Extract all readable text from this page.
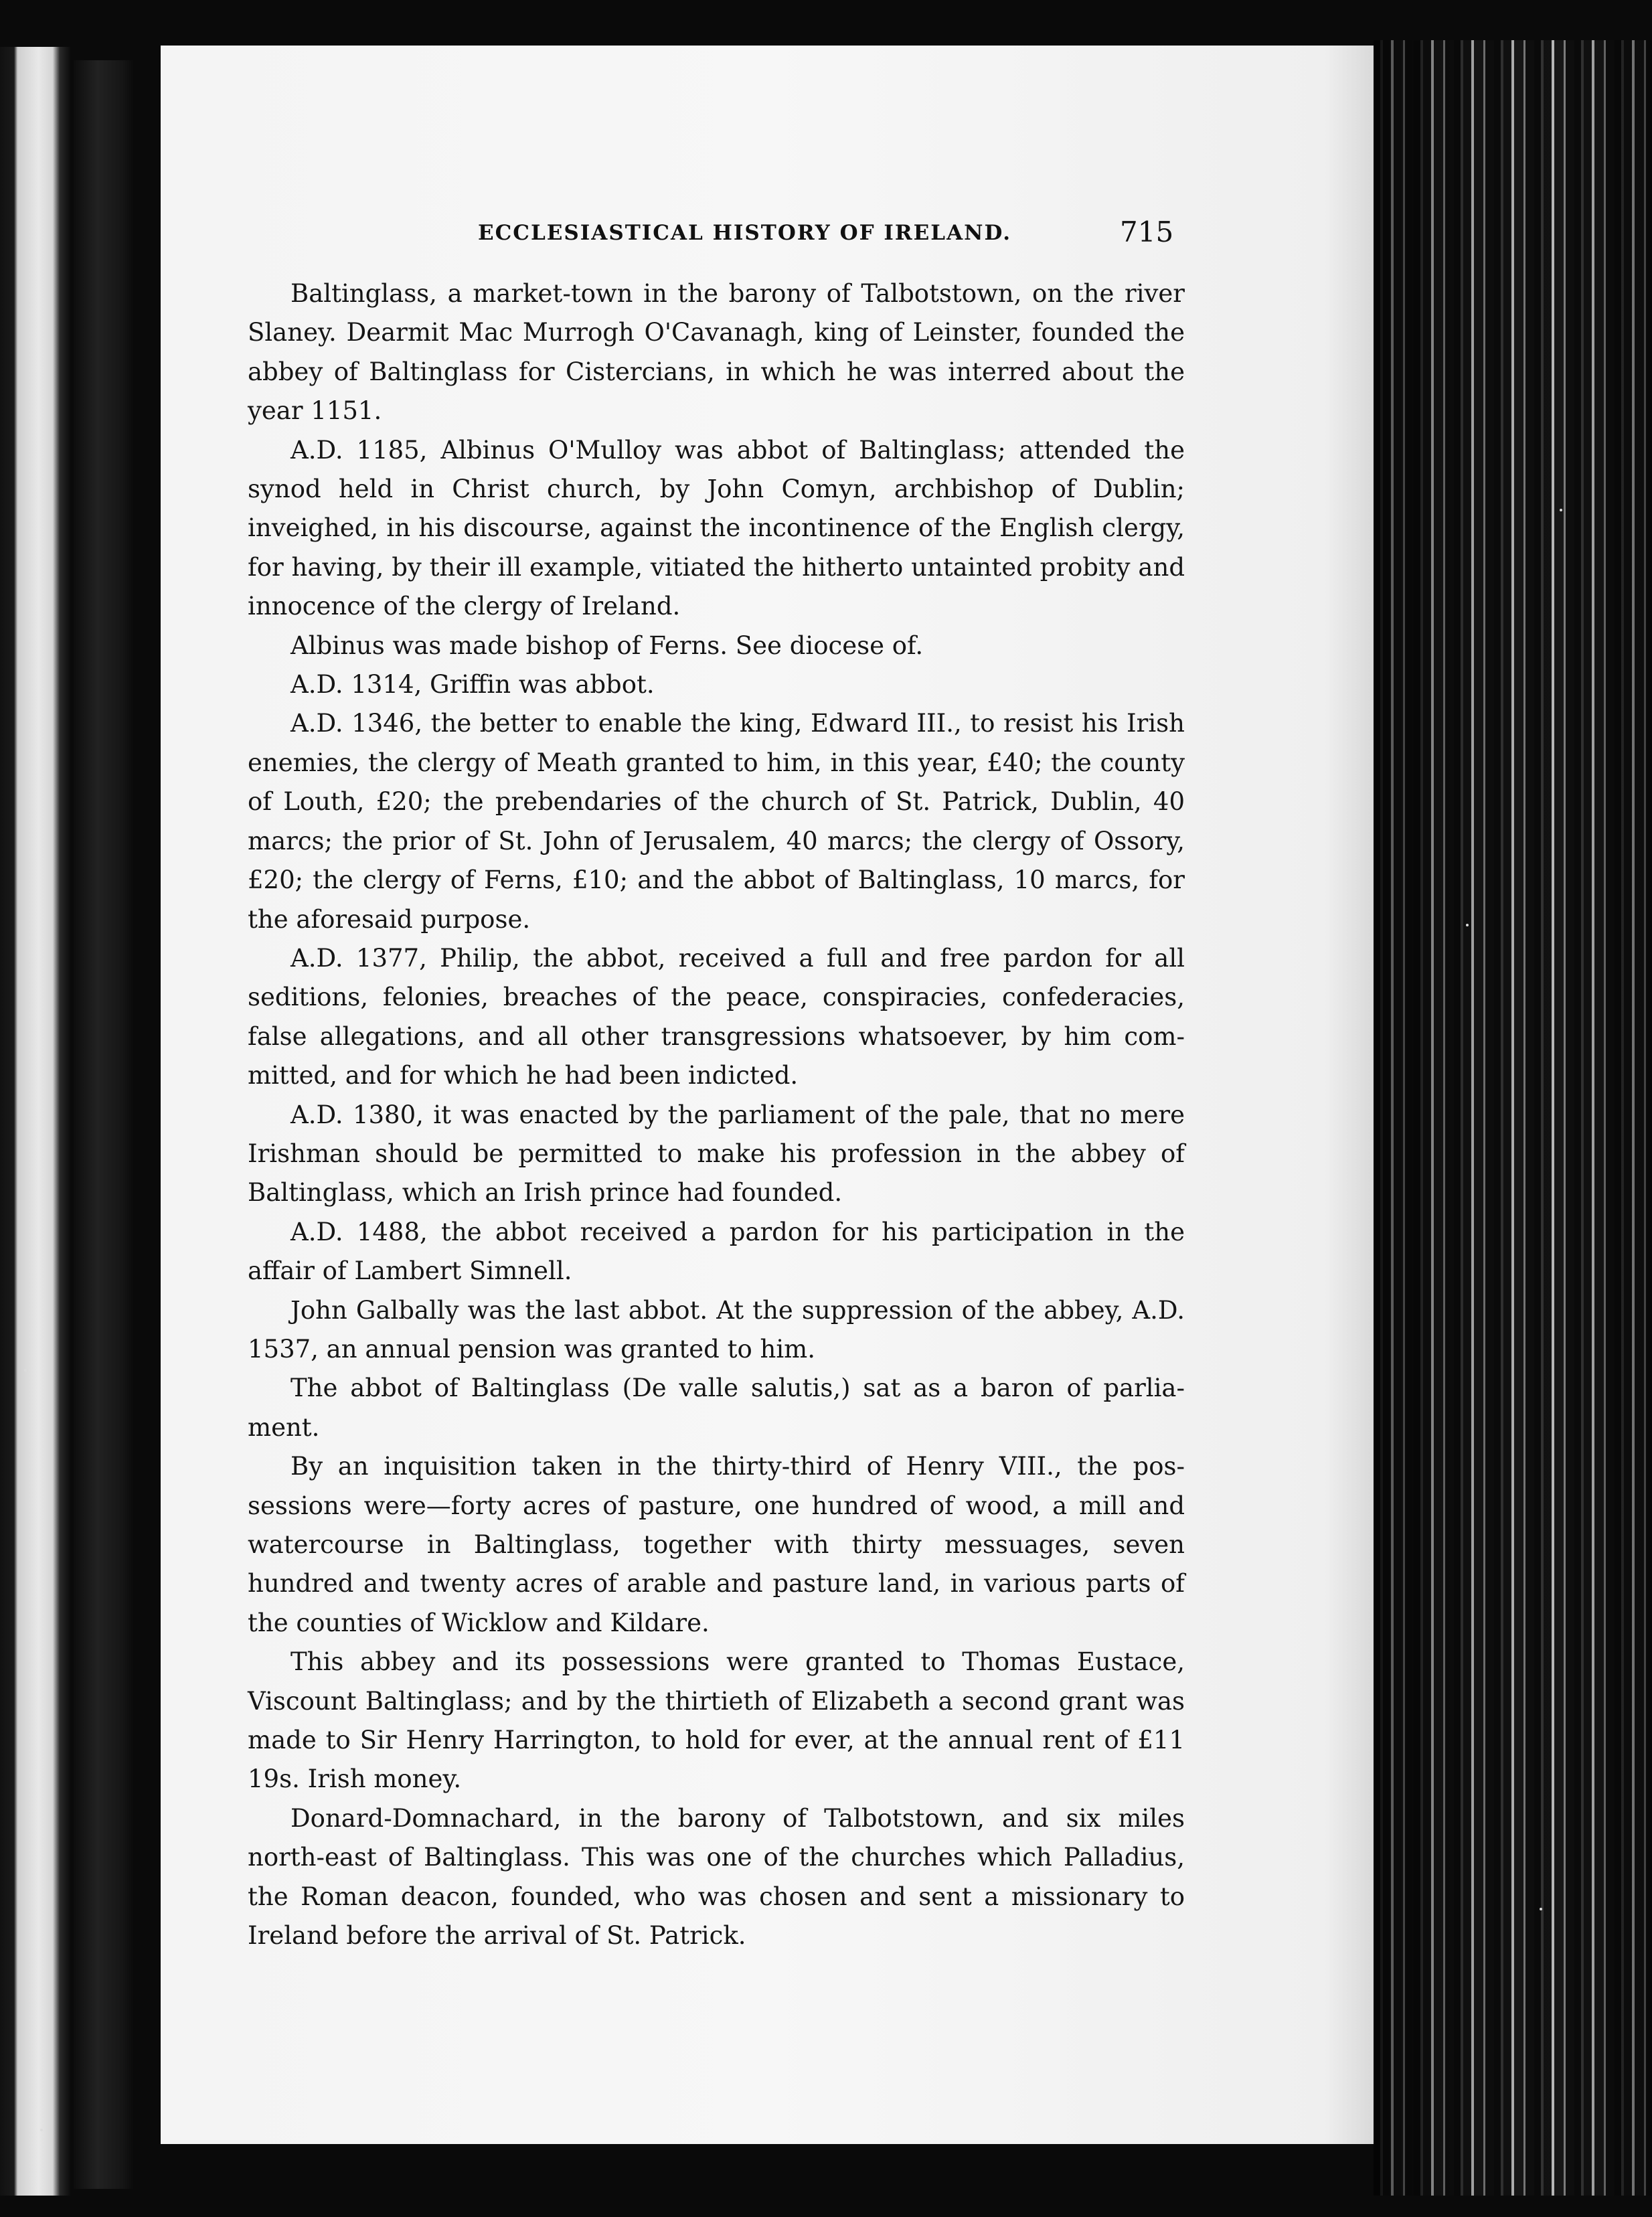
ECCLESIASTICAL HISTORY OF IRELAND.	715

Baltinglass, a market-town in the barony of Talbotstown, on the river Slaney. Dearmit Mac Murrogh O'Cavanagh, king of Leinster, founded the abbey of Baltinglass for Cistercians, in which he was interred about the year 1151.

A.D. 1185, Albinus O'Mulloy was abbot of Baltinglass; attended the synod held in Christ church, by John Comyn, archbishop of Dublin; inveighed, in his discourse, against the incontinence of the English clergy, for having, by their ill example, vitiated the hitherto untainted probity and innocence of the clergy of Ireland.

Albinus was made bishop of Ferns. See diocese of.

A.D. 1314, Griffin was abbot.

A.D. 1346, the better to enable the king, Edward III., to resist his Irish enemies, the clergy of Meath granted to him, in this year, £40; the county of Louth, £20; the prebendaries of the church of St. Patrick, Dublin, 40 marcs; the prior of St. John of Jerusalem, 40 marcs; the clergy of Ossory, £20; the clergy of Ferns, £10; and the abbot of Baltinglass, 10 marcs, for the aforesaid purpose.

A.D. 1377, Philip, the abbot, received a full and free pardon for all seditions, felonies, breaches of the peace, conspiracies, confederacies, false allegations, and all other transgressions whatsoever, by him committed, and for which he had been indicted.

A.D. 1380, it was enacted by the parliament of the pale, that no mere Irishman should be permitted to make his profession in the abbey of Baltinglass, which an Irish prince had founded.

A.D. 1488, the abbot received a pardon for his participation in the affair of Lambert Simnell.

John Galbally was the last abbot. At the suppression of the abbey, A.D. 1537, an annual pension was granted to him.

The abbot of Baltinglass (De valle salutis,) sat as a baron of parliament.

By an inquisition taken in the thirty-third of Henry VIII., the possessions were—forty acres of pasture, one hundred of wood, a mill and watercourse in Baltinglass, together with thirty messuages, seven hundred and twenty acres of arable and pasture land, in various parts of the counties of Wicklow and Kildare.

This abbey and its possessions were granted to Thomas Eustace, Viscount Baltinglass; and by the thirtieth of Elizabeth a second grant was made to Sir Henry Harrington, to hold for ever, at the annual rent of £11 19s. Irish money.

Donard-Domnachard, in the barony of Talbotstown, and six miles north-east of Baltinglass. This was one of the churches which Palladius, the Roman deacon, founded, who was chosen and sent a missionary to Ireland before the arrival of St. Patrick.
